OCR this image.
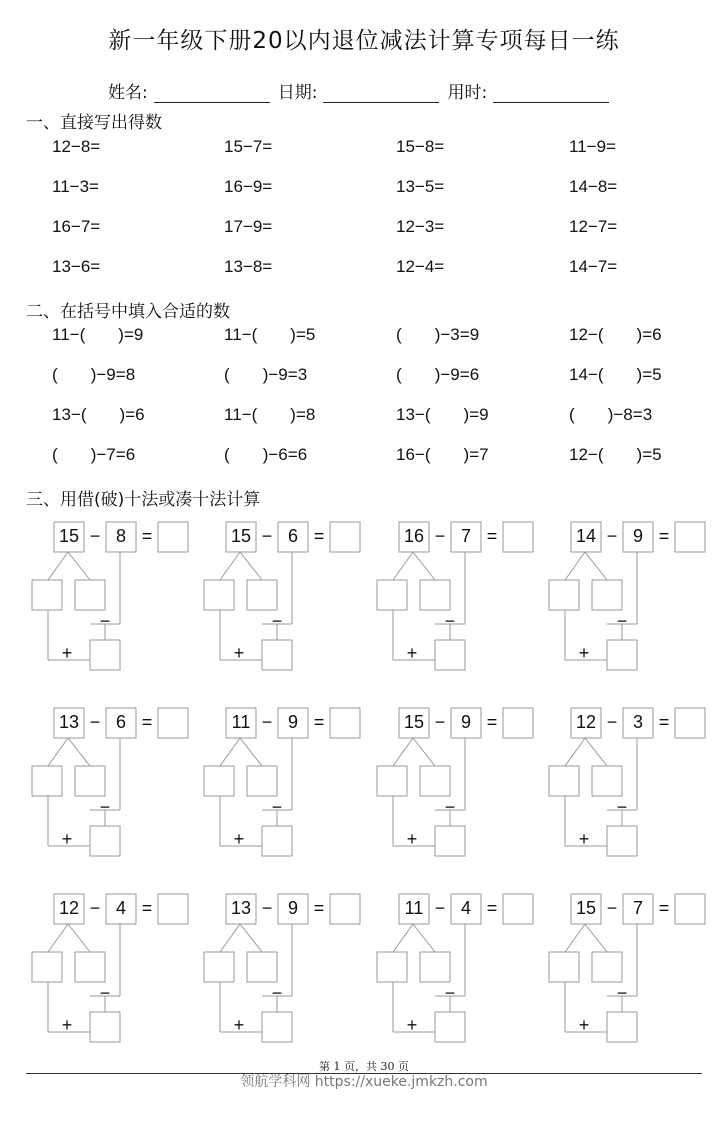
新一年级下册20以内退位减法计算专项每日一练
姓名:	日期:	用时:
一、直接写出得数
12−8=	15−7=	15−8=	11−9=
11−3=	16−9=	13−5=	14−8=
16−7=	17−9=	12−3=	12−7=
13−6=	13−8=	12−4=	14−7=
二、在括号中填入合适的数
11−(       )=9	11−(       )=5	(       )−3=9	12−(       )=6
(       )−9=8	(       )−9=3	(       )−9=6	14−(       )=5
13−(       )=6	11−(       )=8	13−(       )=9	(       )−8=3
(       )−7=6	(       )−6=6	16−(       )=7	12−(       )=5
三、用借(破)十法或凑十法计算
15 − 8 =
−
+
15 − 6 =
−
+
16 − 7 =
−
+
14 − 9 =
−
+
13 − 6 =
−
+
11 − 9 =
−
+
15 − 9 =
−
+
12 − 3 =
−
+
12 − 4 =
−
+
13 − 9 =
−
+
11 − 4 =
−
+
15 − 7 =
−
+
第 1 页，共 30 页
领航学科网 https://xueke.jmkzh.com
